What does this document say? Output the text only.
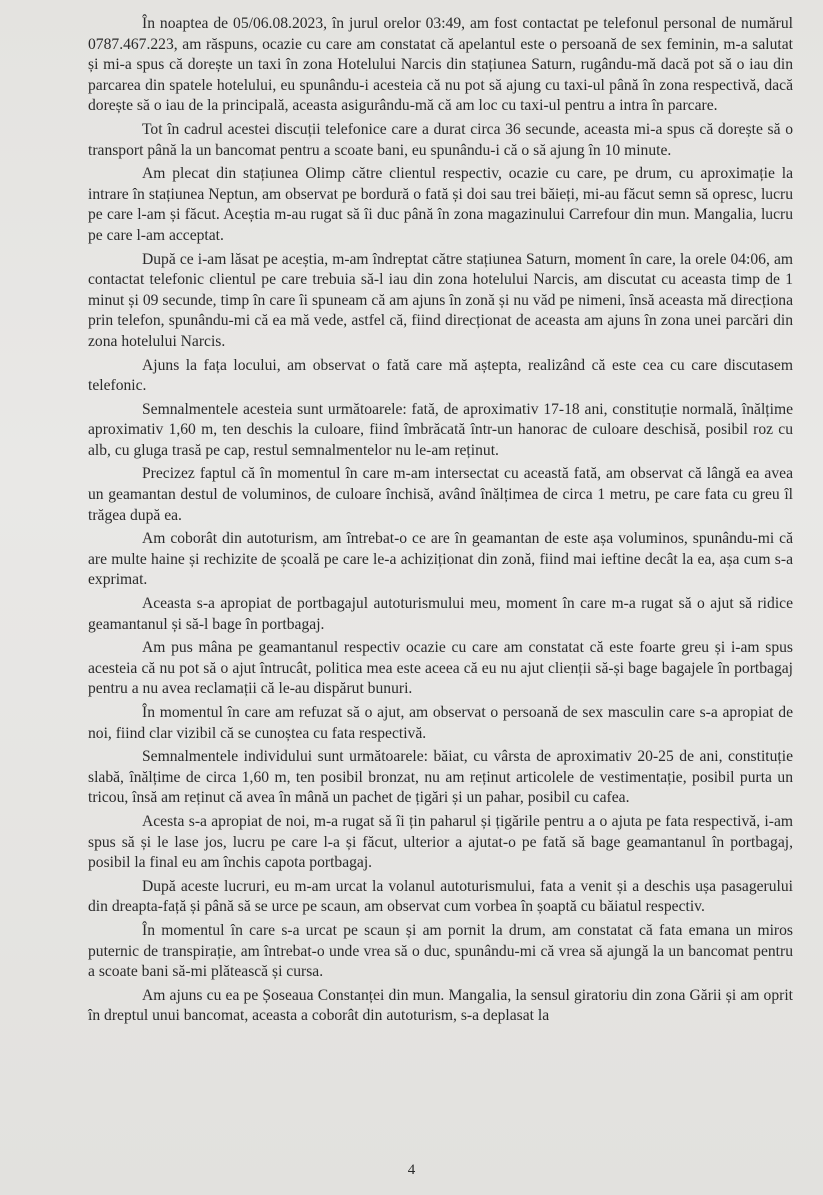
În noaptea de 05/06.08.2023, în jurul orelor 03:49, am fost contactat pe telefonul personal de numărul 0787.467.223, am răspuns, ocazie cu care am constatat că apelantul este o persoană de sex feminin, m-a salutat și mi-a spus că dorește un taxi în zona Hotelului Narcis din stațiunea Saturn, rugându-mă dacă pot să o iau din parcarea din spatele hotelului, eu spunându-i acesteia că nu pot să ajung cu taxi-ul până în zona respectivă, dacă dorește să o iau de la principală, aceasta asigurându-mă că am loc cu taxi-ul pentru a intra în parcare.

Tot în cadrul acestei discuții telefonice care a durat circa 36 secunde, aceasta mi-a spus că dorește să o transport până la un bancomat pentru a scoate bani, eu spunându-i că o să ajung în 10 minute.

Am plecat din stațiunea Olimp către clientul respectiv, ocazie cu care, pe drum, cu aproximație la intrare în stațiunea Neptun, am observat pe bordură o fată și doi sau trei băieți, mi-au făcut semn să opresc, lucru pe care l-am și făcut. Aceștia m-au rugat să îi duc până în zona magazinului Carrefour din mun. Mangalia, lucru pe care l-am acceptat.

După ce i-am lăsat pe aceștia, m-am îndreptat către stațiunea Saturn, moment în care, la orele 04:06, am contactat telefonic clientul pe care trebuia să-l iau din zona hotelului Narcis, am discutat cu aceasta timp de 1 minut și 09 secunde, timp în care îi spuneam că am ajuns în zonă și nu văd pe nimeni, însă aceasta mă direcționa prin telefon, spunându-mi că ea mă vede, astfel că, fiind direcționat de aceasta am ajuns în zona unei parcări din zona hotelului Narcis.

Ajuns la fața locului, am observat o fată care mă aștepta, realizând că este cea cu care discutasem telefonic.

Semnalmentele acesteia sunt următoarele: fată, de aproximativ 17-18 ani, constituție normală, înălțime aproximativ 1,60 m, ten deschis la culoare, fiind îmbrăcată într-un hanorac de culoare deschisă, posibil roz cu alb, cu gluga trasă pe cap, restul semnalmentelor nu le-am reținut.

Precizez faptul că în momentul în care m-am intersectat cu această fată, am observat că lângă ea avea un geamantan destul de voluminos, de culoare închisă, având înălțimea de circa 1 metru, pe care fata cu greu îl trăgea după ea.

Am coborât din autoturism, am întrebat-o ce are în geamantan de este așa voluminos, spunându-mi că are multe haine și rechizite de școală pe care le-a achiziționat din zonă, fiind mai ieftine decât la ea, așa cum s-a exprimat.

Aceasta s-a apropiat de portbagajul autoturismului meu, moment în care m-a rugat să o ajut să ridice geamantanul și să-l bage în portbagaj.

Am pus mâna pe geamantanul respectiv ocazie cu care am constatat că este foarte greu și i-am spus acesteia că nu pot să o ajut întrucât, politica mea este aceea că eu nu ajut clienții să-și bage bagajele în portbagaj pentru a nu avea reclamații că le-au dispărut bunuri.

În momentul în care am refuzat să o ajut, am observat o persoană de sex masculin care s-a apropiat de noi, fiind clar vizibil că se cunoștea cu fata respectivă.

Semnalmentele individului sunt următoarele: băiat, cu vârsta de aproximativ 20-25 de ani, constituție slabă, înălțime de circa 1,60 m, ten posibil bronzat, nu am reținut articolele de vestimentație, posibil purta un tricou, însă am reținut că avea în mână un pachet de țigări și un pahar, posibil cu cafea.

Acesta s-a apropiat de noi, m-a rugat să îi țin paharul și țigările pentru a o ajuta pe fata respectivă, i-am spus să și le lase jos, lucru pe care l-a și făcut, ulterior a ajutat-o pe fată să bage geamantanul în portbagaj, posibil la final eu am închis capota portbagaj.

După aceste lucruri, eu m-am urcat la volanul autoturismului, fata a venit și a deschis ușa pasagerului din dreapta-față și până să se urce pe scaun, am observat cum vorbea în șoaptă cu băiatul respectiv.

În momentul în care s-a urcat pe scaun și am pornit la drum, am constatat că fata emana un miros puternic de transpirație, am întrebat-o unde vrea să o duc, spunându-mi că vrea să ajungă la un bancomat pentru a scoate bani să-mi plătească și cursa.

Am ajuns cu ea pe Șoseaua Constanței din mun. Mangalia, la sensul giratoriu din zona Gării și am oprit în dreptul unui bancomat, aceasta a coborât din autoturism, s-a deplasat la

4
